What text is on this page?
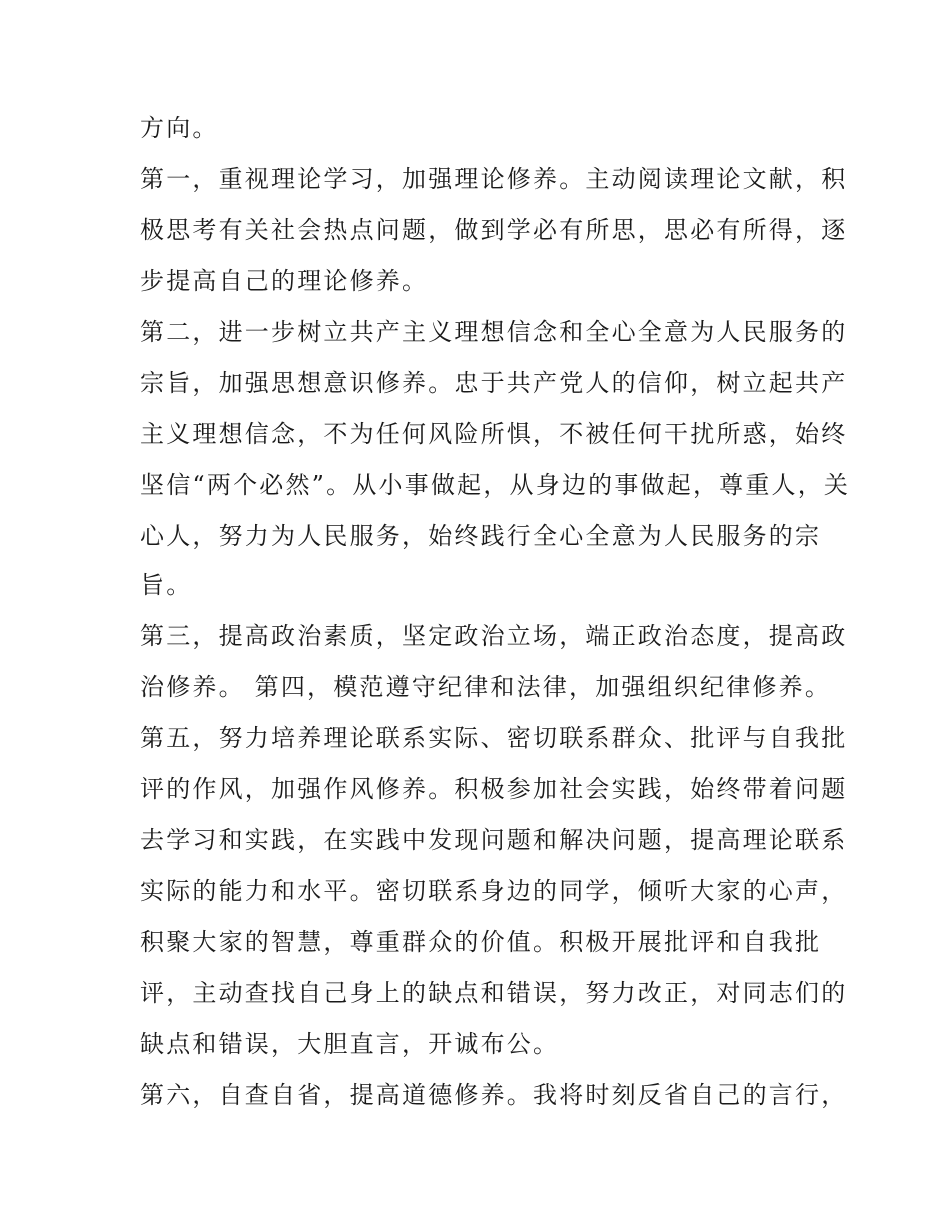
方向。
第一，重视理论学习，加强理论修养。主动阅读理论文献，积
极思考有关社会热点问题，做到学必有所思，思必有所得，逐
步提高自己的理论修养。
第二，进一步树立共产主义理想信念和全心全意为人民服务的
宗旨，加强思想意识修养。忠于共产党人的信仰，树立起共产
主义理想信念，不为任何风险所惧，不被任何干扰所惑，始终
坚信“两个必然”。从小事做起，从身边的事做起，尊重人，关
心人，努力为人民服务，始终践行全心全意为人民服务的宗
旨。
第三，提高政治素质，坚定政治立场，端正政治态度，提高政
治修养。 第四，模范遵守纪律和法律，加强组织纪律修养。
第五，努力培养理论联系实际、密切联系群众、批评与自我批
评的作风，加强作风修养。积极参加社会实践，始终带着问题
去学习和实践，在实践中发现问题和解决问题，提高理论联系
实际的能力和水平。密切联系身边的同学，倾听大家的心声，
积聚大家的智慧，尊重群众的价值。积极开展批评和自我批
评，主动查找自己身上的缺点和错误，努力改正，对同志们的
缺点和错误，大胆直言，开诚布公。
第六，自查自省，提高道德修养。我将时刻反省自己的言行，
